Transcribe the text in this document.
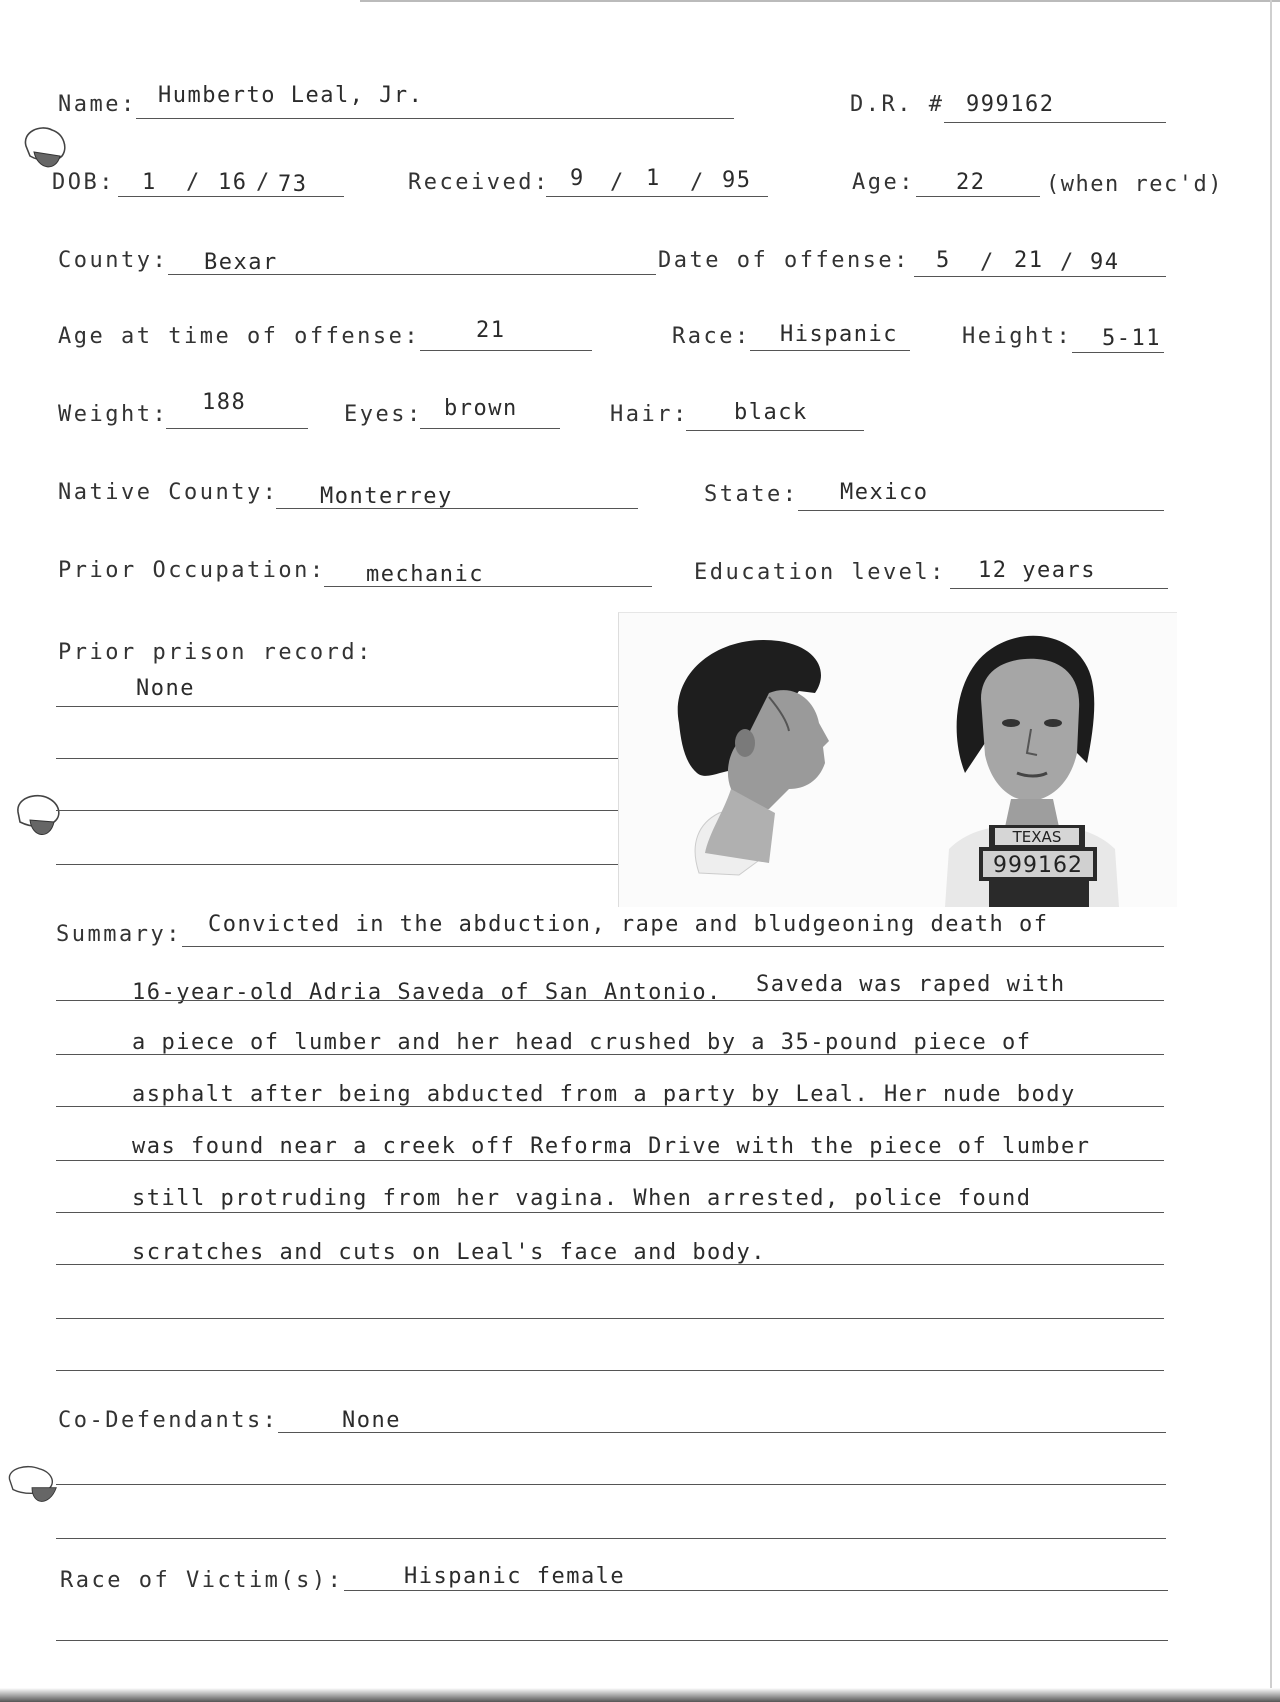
Name: Humberto Leal, Jr.	D.R. # 999162
DOB: 1 / 16 / 73	Received: 9 / 1 / 95	Age: 22	(when rec'd)
County: Bexar	Date of offense: 5 / 21 / 94
Age at time of offense:	21	Race: Hispanic	Height: 5-11
Weight: 188	Eyes: brown	Hair: black
Native County: Monterrey	State: Mexico
Prior Occupation: mechanic	Education level: 12 years
Prior prison record:
None
TEXAS
999162
Summary: Convicted in the abduction, rape and bludgeoning death of
16-year-old Adria Saveda of San Antonio. Saveda was raped with
a piece of lumber and her head crushed by a 35-pound piece of
asphalt after being abducted from a party by Leal. Her nude body
was found near a creek off Reforma Drive with the piece of lumber
still protruding from her vagina. When arrested, police found
scratches and cuts on Leal's face and body.
Co-Defendants:	None
Race of Victim(s):	Hispanic female
